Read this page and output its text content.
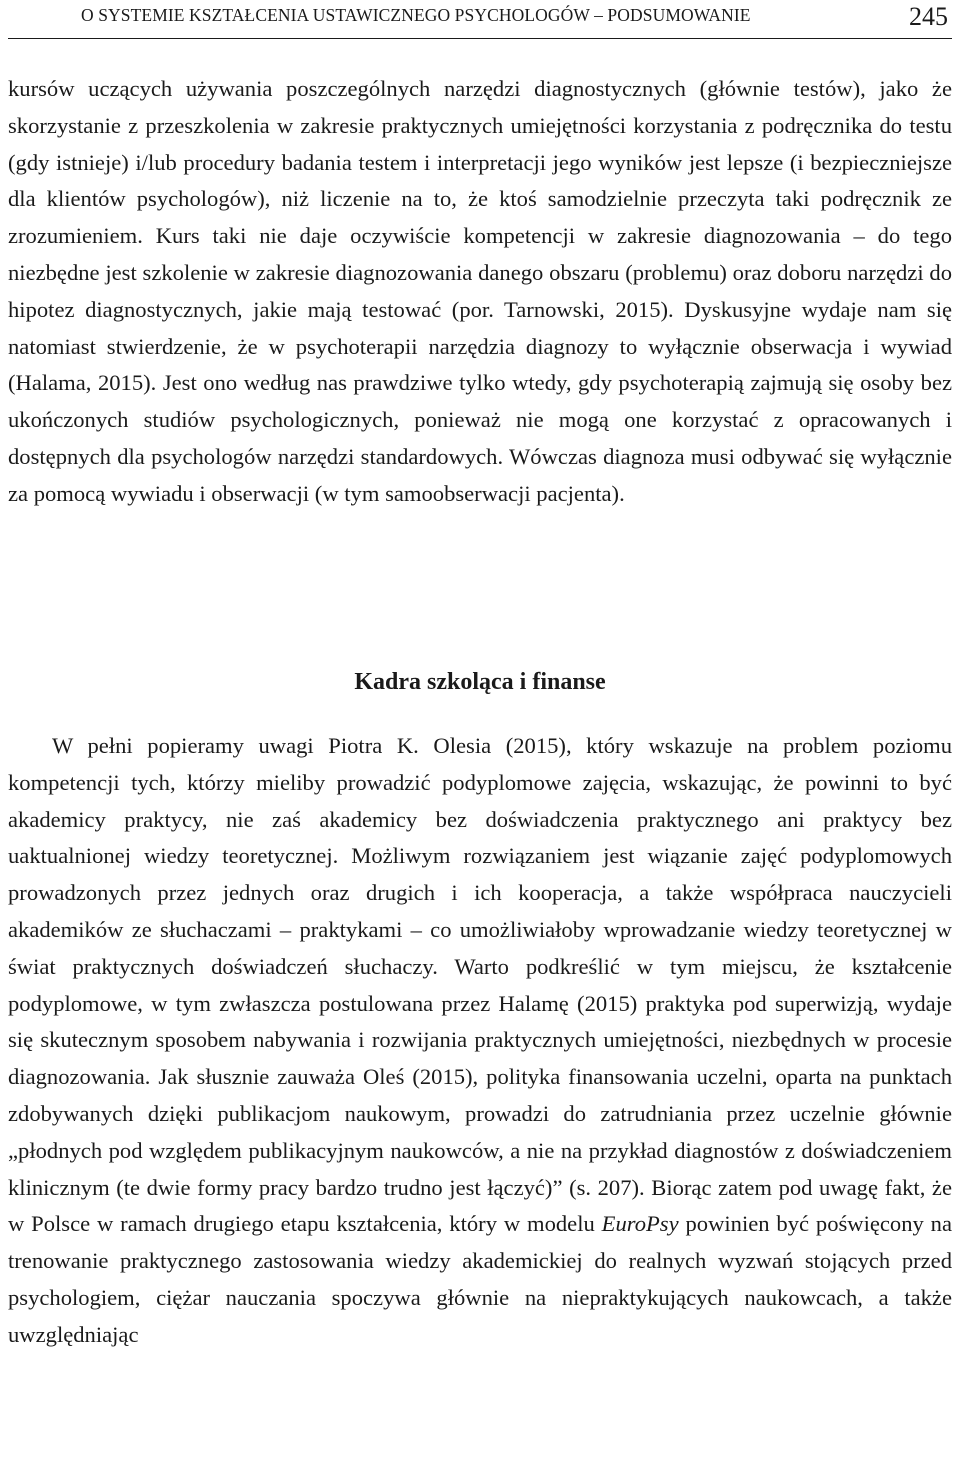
O SYSTEMIE KSZTAŁCENIA USTAWICZNEGO PSYCHOLOGÓW – PODSUMOWANIE	245

kursów uczących używania poszczególnych narzędzi diagnostycznych (głównie testów), jako że skorzystanie z przeszkolenia w zakresie praktycznych umiejętności korzystania z podręcznika do testu (gdy istnieje) i/lub procedury badania testem i interpretacji jego wyników jest lepsze (i bezpieczniejsze dla klientów psychologów), niż liczenie na to, że ktoś samodzielnie przeczyta taki podręcznik ze zrozumieniem. Kurs taki nie daje oczywiście kompetencji w zakresie diagnozowania – do tego niezbędne jest szkolenie w zakresie diagnozowania danego obszaru (problemu) oraz doboru narzędzi do hipotez diagnostycznych, jakie mają testować (por. Tarnowski, 2015). Dyskusyjne wydaje nam się natomiast stwierdzenie, że w psychoterapii narzędzia diagnozy to wyłącznie obserwacja i wywiad (Halama, 2015). Jest ono według nas prawdziwe tylko wtedy, gdy psychoterapią zajmują się osoby bez ukończonych studiów psychologicznych, ponieważ nie mogą one korzystać z opracowanych i dostępnych dla psychologów narzędzi standardowych. Wówczas diagnoza musi odbywać się wyłącznie za pomocą wywiadu i obserwacji (w tym samoobserwacji pacjenta).

Kadra szkoląca i finanse

W pełni popieramy uwagi Piotra K. Olesia (2015), który wskazuje na problem poziomu kompetencji tych, którzy mieliby prowadzić podyplomowe zajęcia, wskazując, że powinni to być akademicy praktycy, nie zaś akademicy bez doświadczenia praktycznego ani praktycy bez uaktualnionej wiedzy teoretycznej. Możliwym rozwiązaniem jest wiązanie zajęć podyplomowych prowadzonych przez jednych oraz drugich i ich kooperacja, a także współpraca nauczycieli akademików ze słuchaczami – praktykami – co umożliwiałoby wprowadzanie wiedzy teoretycznej w świat praktycznych doświadczeń słuchaczy. Warto podkreślić w tym miejscu, że kształcenie podyplomowe, w tym zwłaszcza postulowana przez Halamę (2015) praktyka pod superwizją, wydaje się skutecznym sposobem nabywania i rozwijania praktycznych umiejętności, niezbędnych w procesie diagnozowania. Jak słusznie zauważa Oleś (2015), polityka finansowania uczelni, oparta na punktach zdobywanych dzięki publikacjom naukowym, prowadzi do zatrudniania przez uczelnie głównie „płodnych pod względem publikacyjnym naukowców, a nie na przykład diagnostów z doświadczeniem klinicznym (te dwie formy pracy bardzo trudno jest łączyć)” (s. 207). Biorąc zatem pod uwagę fakt, że w Polsce w ramach drugiego etapu kształcenia, który w modelu EuroPsy powinien być poświęcony na trenowanie praktycznego zastosowania wiedzy akademickiej do realnych wyzwań stojących przed psychologiem, ciężar nauczania spoczywa głównie na niepraktykujących naukowcach, a także uwzględniając
